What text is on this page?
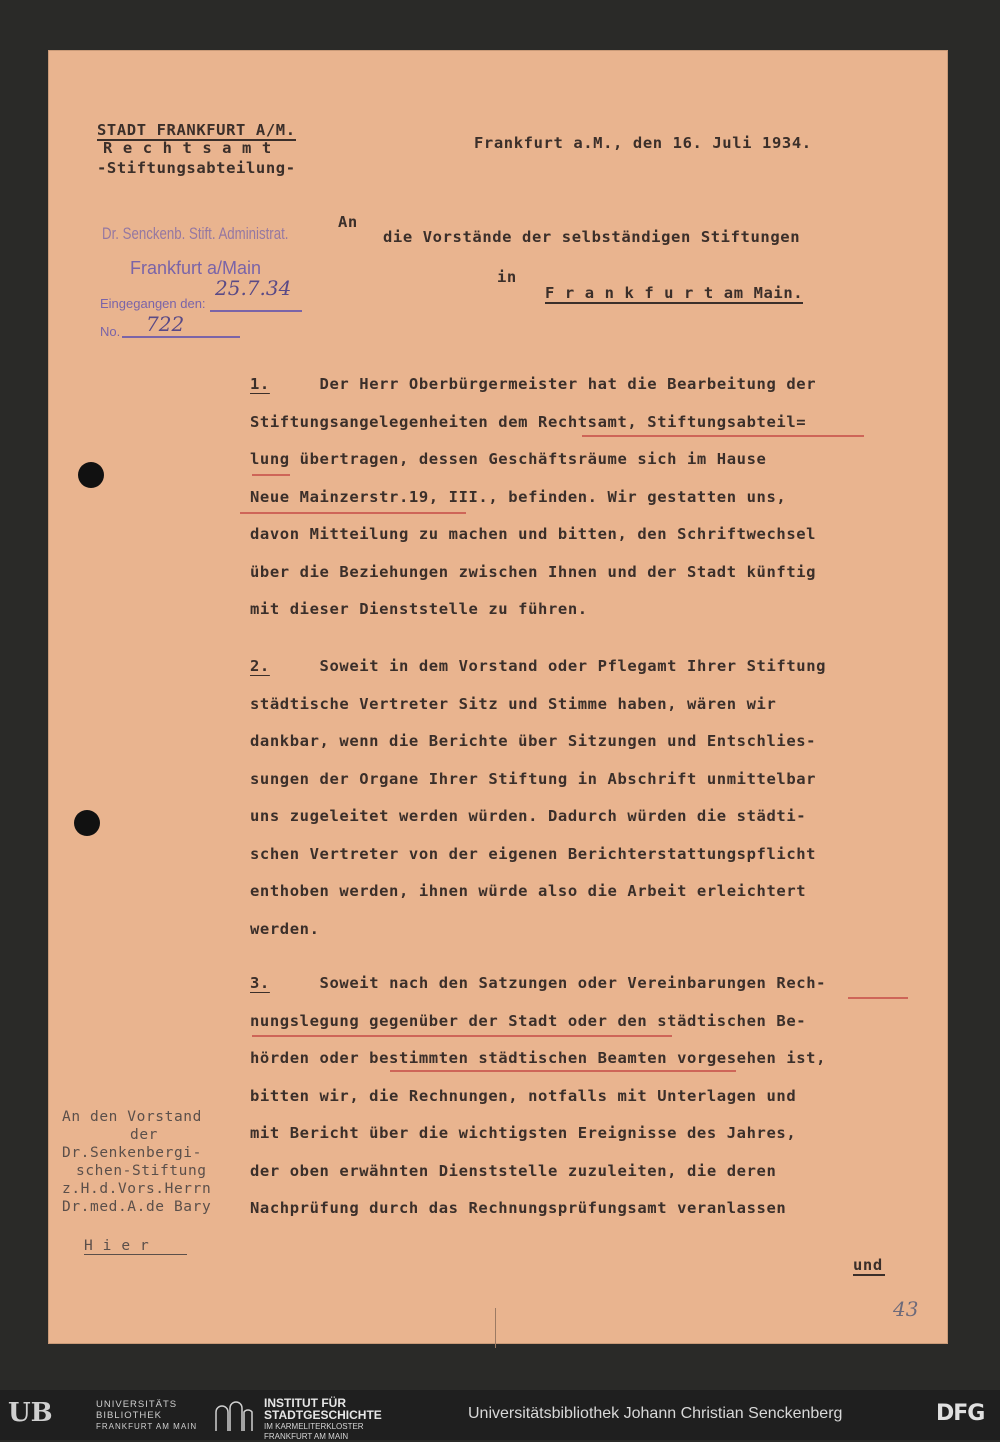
STADT FRANKFURT A/M.
R e c h t s a m t
-Stiftungsabteilung-
Frankfurt a.M., den 16. Juli 1934.
Dr. Senckenb. Stift. Administrat.
Frankfurt a/Main
Eingegangen den:
25.7.34
No. 722
An
die Vorstände der selbständigen Stiftungen
in
F r a n k f u r t am Main.
1.	Der Herr Oberbürgermeister hat die Bearbeitung der
Stiftungsangelegenheiten dem Rechtsamt, Stiftungsabteil=
lung übertragen, dessen Geschäftsräume sich im Hause
Neue Mainzerstr.19, III., befinden. Wir gestatten uns,
davon Mitteilung zu machen und bitten, den Schriftwechsel
über die Beziehungen zwischen Ihnen und der Stadt künftig
mit dieser Dienststelle zu führen.
2.	Soweit in dem Vorstand oder Pflegamt Ihrer Stiftung
städtische Vertreter Sitz und Stimme haben, wären wir
dankbar, wenn die Berichte über Sitzungen und Entschlies-
sungen der Organe Ihrer Stiftung in Abschrift unmittelbar
uns zugeleitet werden würden. Dadurch würden die städti-
schen Vertreter von der eigenen Berichterstattungspflicht
enthoben werden, ihnen würde also die Arbeit erleichtert
werden.
3.	Soweit nach den Satzungen oder Vereinbarungen Rech-
nungslegung gegenüber der Stadt oder den städtischen Be-
hörden oder bestimmten städtischen Beamten vorgesehen ist,
bitten wir, die Rechnungen, notfalls mit Unterlagen und
mit Bericht über die wichtigsten Ereignisse des Jahres,
der oben erwähnten Dienststelle zuzuleiten, die deren
Nachprüfung durch das Rechnungsprüfungsamt veranlassen
An den Vorstand
der
Dr.Senkenbergi-
schen-Stiftung
z.H.d.Vors.Herrn
Dr.med.A.de Bary
H i e r
und
43
UB	UNIVERSITÄTS
BIBLIOTHEK
FRANKFURT AM MAIN
INSTITUT FÜR
STADTGESCHICHTE
IM KARMELITERKLOSTER
FRANKFURT AM MAIN
Universitätsbibliothek Johann Christian Senckenberg	DFG
